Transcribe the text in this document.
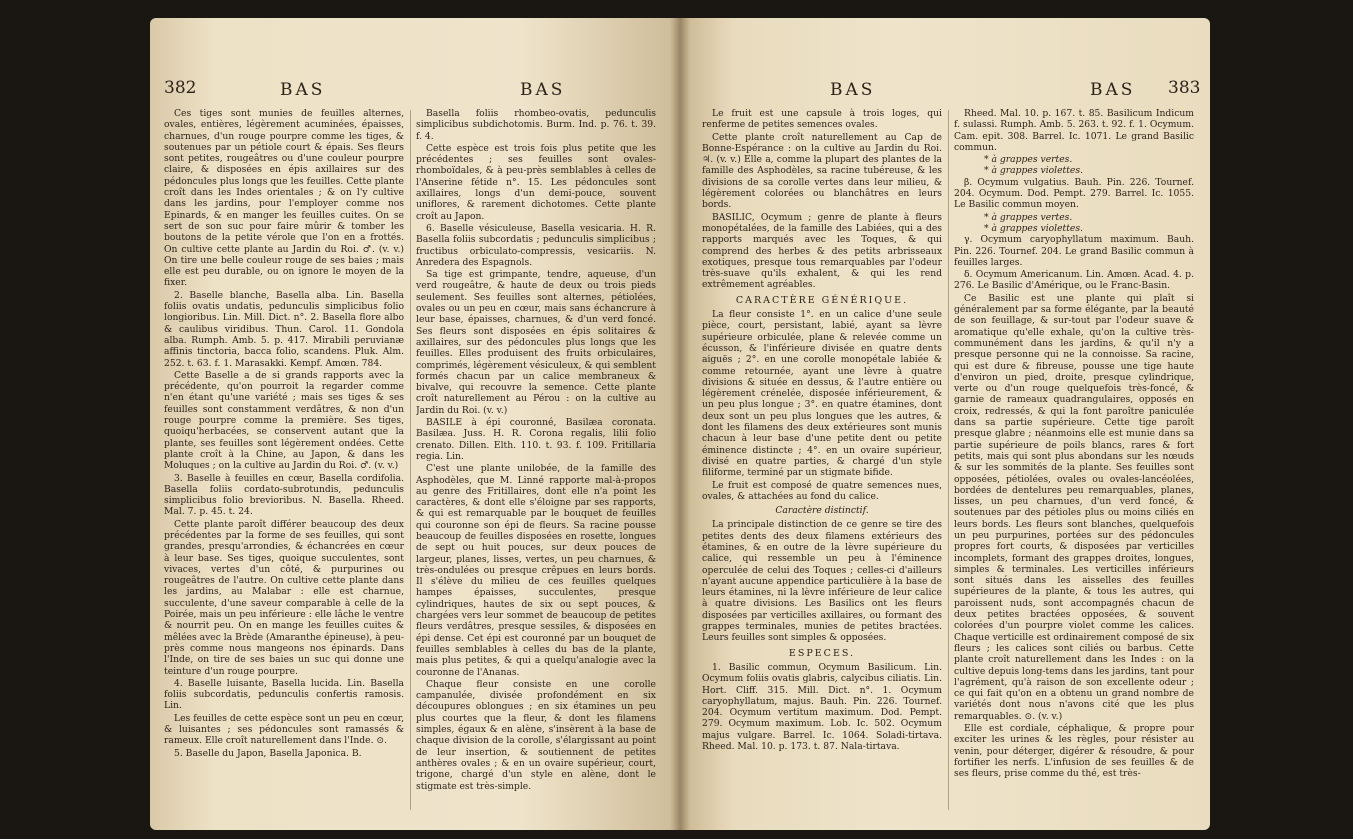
382	BAS	BAS

Ces tiges sont munies de feuilles alternes, ovales, entières, légèrement acuminées, épaisses, charnues, d'un rouge pourpre comme les tiges, & soutenues par un pétiole court & épais. Ses fleurs sont petites, rougeâtres ou d'une couleur pourpre claire, & disposées en épis axillaires sur des pédoncules plus longs que les feuilles. Cette plante croît dans les Indes orientales ; & on l'y cultive dans les jardins, pour l'employer comme nos Epinards, & en manger les feuilles cuites. On se sert de son suc pour faire mûrir & tomber les boutons de la petite vérole que l'on en a frottés. On cultive cette plante au Jardin du Roi. ♂. (v. v.) On tire une belle couleur rouge de ses baies ; mais elle est peu durable, ou on ignore le moyen de la fixer.

2. Baselle blanche, Basella alba. Lin. Basella foliis ovatis undatis, pedunculis simplicibus folio longioribus. Lin. Mill. Dict. n°. 2. Basella flore albo & caulibus viridibus. Thun. Carol. 11. Gondola alba. Rumph. Amb. 5. p. 417. Mirabili peruvianæ affinis tinctoria, bacca folio, scandens. Pluk. Alm. 252. t. 63. f. 1. Marasakki. Kempf. Amœn. 784.

Cette Baselle a de si grands rapports avec la précédente, qu'on pourroit la regarder comme n'en étant qu'une variété ; mais ses tiges & ses feuilles sont constamment verdâtres, & non d'un rouge pourpre comme la première. Ses tiges, quoiqu'herbacées, se conservent autant que la plante, ses feuilles sont légèrement ondées. Cette plante croît à la Chine, au Japon, & dans les Moluques ; on la cultive au Jardin du Roi. ♂. (v. v.)

3. Baselle à feuilles en cœur, Basella cordifolia. Basella foliis cordato-subrotundis, pedunculis simplicibus folio brevioribus. N. Basella. Rheed. Mal. 7. p. 45. t. 24.

Cette plante paroît différer beaucoup des deux précédentes par la forme de ses feuilles, qui sont grandes, presqu'arrondies, & échancrées en cœur à leur base. Ses tiges, quoique succulentes, sont vivaces, vertes d'un côté, & purpurines ou rougeâtres de l'autre. On cultive cette plante dans les jardins, au Malabar : elle est charnue, succulente, d'une saveur comparable à celle de la Poirée, mais un peu inférieure : elle lâche le ventre & nourrit peu. On en mange les feuilles cuites & mêlées avec la Brède (Amaranthe épineuse), à peu-près comme nous mangeons nos épinards. Dans l'Inde, on tire de ses baies un suc qui donne une teinture d'un rouge pourpre.

4. Baselle luisante, Basella lucida. Lin. Basella foliis subcordatis, pedunculis confertis ramosis. Lin.

Les feuilles de cette espèce sont un peu en cœur, & luisantes ; ses pédoncules sont ramassés & rameux. Elle croît naturellement dans l'Inde. ⊙.

5. Baselle du Japon, Basella Japonica. B.

Basella foliis rhombeo-ovatis, pedunculis simplicibus subdichotomis. Burm. Ind. p. 76. t. 39. f. 4.

Cette espèce est trois fois plus petite que les précédentes ; ses feuilles sont ovales-rhomboïdales, & à peu-près semblables à celles de l'Anserine fétide n°. 15. Les pédoncules sont axillaires, longs d'un demi-pouce, souvent uniflores, & rarement dichotomes. Cette plante croît au Japon.

6. Baselle vésiculeuse, Basella vesicaria. H. R. Basella foliis subcordatis ; pedunculis simplicibus ; fructibus orbiculato-compressis, vesicariis. N. Anredera des Espagnols.

Sa tige est grimpante, tendre, aqueuse, d'un verd rougeâtre, & haute de deux ou trois pieds seulement. Ses feuilles sont alternes, pétiolées, ovales ou un peu en cœur, mais sans échancrure à leur base, épaisses, charnues, & d'un verd foncé. Ses fleurs sont disposées en épis solitaires & axillaires, sur des pédoncules plus longs que les feuilles. Elles produisent des fruits orbiculaires, comprimés, légèrement vésiculeux, & qui semblent formés chacun par un calice membraneux & bivalve, qui recouvre la semence. Cette plante croît naturellement au Pérou : on la cultive au Jardin du Roi. (v. v.)

BASILE à épi couronné, Basilæa coronata. Basilæa. Juss. H. R. Corona regalis, lilii folio crenato. Dillen. Elth. 110. t. 93. f. 109. Fritillaria regia. Lin.

C'est une plante unilobée, de la famille des Asphodèles, que M. Linné rapporte mal-à-propos au genre des Fritillaires, dont elle n'a point les caractères, & dont elle s'éloigne par ses rapports, & qui est remarquable par le bouquet de feuilles qui couronne son épi de fleurs. Sa racine pousse beaucoup de feuilles disposées en rosette, longues de sept ou huit pouces, sur deux pouces de largeur, planes, lisses, vertes, un peu charnues, & très-ondulées ou presque crêpues en leurs bords. Il s'élève du milieu de ces feuilles quelques hampes épaisses, succulentes, presque cylindriques, hautes de six ou sept pouces, & chargées vers leur sommet de beaucoup de petites fleurs verdâtres, presque sessiles, & disposées en épi dense. Cet épi est couronné par un bouquet de feuilles semblables à celles du bas de la plante, mais plus petites, & qui a quelqu'analogie avec la couronne de l'Ananas.

Chaque fleur consiste en une corolle campanulée, divisée profondément en six découpures oblongues ; en six étamines un peu plus courtes que la fleur, & dont les filamens simples, égaux & en alène, s'insèrent à la base de chaque division de la corolle, s'élargissant au point de leur insertion, & soutiennent de petites anthères ovales ; & en un ovaire supérieur, court, trigone, chargé d'un style en alène, dont le stigmate est très-simple.

BAS	BAS 383

Le fruit est une capsule à trois loges, qui renferme de petites semences ovales.

Cette plante croît naturellement au Cap de Bonne-Espérance : on la cultive au Jardin du Roi. ♃. (v. v.) Elle a, comme la plupart des plantes de la famille des Asphodèles, sa racine tubéreuse, & les divisions de sa corolle vertes dans leur milieu, & légèrement colorées ou blanchâtres en leurs bords.

BASILIC, Ocymum ; genre de plante à fleurs monopétalées, de la famille des Labiées, qui a des rapports marqués avec les Toques, & qui comprend des herbes & des petits arbrisseaux exotiques, presque tous remarquables par l'odeur très-suave qu'ils exhalent, & qui les rend extrêmement agréables.

CARACTÈRE GÉNÉRIQUE.

La fleur consiste 1°. en un calice d'une seule pièce, court, persistant, labié, ayant sa lèvre supérieure orbiculée, plane & relevée comme un écusson, & l'inférieure divisée en quatre dents aiguës ; 2°. en une corolle monopétale labiée & comme retournée, ayant une lèvre à quatre divisions & située en dessus, & l'autre entière ou légèrement crénelée, disposée inférieurement, & un peu plus longue ; 3°. en quatre étamines, dont deux sont un peu plus longues que les autres, & dont les filamens des deux extérieures sont munis chacun à leur base d'une petite dent ou petite éminence distincte ; 4°. en un ovaire supérieur, divisé en quatre parties, & chargé d'un style filiforme, terminé par un stigmate bifide.

Le fruit est composé de quatre semences nues, ovales, & attachées au fond du calice.

Caractère distinctif.

La principale distinction de ce genre se tire des petites dents des deux filamens extérieurs des étamines, & en outre de la lèvre supérieure du calice, qui ressemble un peu à l'éminence operculée de celui des Toques ; celles-ci d'ailleurs n'ayant aucune appendice particulière à la base de leurs étamines, ni la lèvre inférieure de leur calice à quatre divisions. Les Basilics ont les fleurs disposées par verticilles axillaires, ou formant des grappes terminales, munies de petites bractées. Leurs feuilles sont simples & opposées.

ESPECES.

1. Basilic commun, Ocymum Basilicum. Lin. Ocymum foliis ovatis glabris, calycibus ciliatis. Lin. Hort. Cliff. 315. Mill. Dict. n°. 1. Ocymum caryophyllatum, majus. Bauh. Pin. 226. Tournef. 204. Ocymum vertitum maximum. Dod. Pempt. 279. Ocymum maximum. Lob. Ic. 502. Ocymum majus vulgare. Barrel. Ic. 1064. Soladi-tirtava. Rheed. Mal. 10. p. 173. t. 87. Nala-tirtava.

Rheed. Mal. 10. p. 167. t. 85. Basilicum Indicum f. sulassi. Rumph. Amb. 5. 263. t. 92. f. 1. Ocymum. Cam. epit. 308. Barrel. Ic. 1071. Le grand Basilic commun.

* à grappes vertes.

* à grappes violettes.

β. Ocymum vulgatius. Bauh. Pin. 226. Tournef. 204. Ocymum. Dod. Pempt. 279. Barrel. Ic. 1055. Le Basilic commun moyen.

* à grappes vertes.

* à grappes violettes.

γ. Ocymum caryophyllatum maximum. Bauh. Pin. 226. Tournef. 204. Le grand Basilic commun à feuilles larges.

δ. Ocymum Americanum. Lin. Amœn. Acad. 4. p. 276. Le Basilic d'Amérique, ou le Franc-Basin.

Ce Basilic est une plante qui plaît si généralement par sa forme élégante, par la beauté de son feuillage, & sur-tout par l'odeur suave & aromatique qu'elle exhale, qu'on la cultive très-communément dans les jardins, & qu'il n'y a presque personne qui ne la connoisse. Sa racine, qui est dure & fibreuse, pousse une tige haute d'environ un pied, droite, presque cylindrique, verte ou d'un rouge quelquefois très-foncé, & garnie de rameaux quadrangulaires, opposés en croix, redressés, & qui la font paroître paniculée dans sa partie supérieure. Cette tige paroît presque glabre ; néanmoins elle est munie dans sa partie supérieure de poils blancs, rares & fort petits, mais qui sont plus abondans sur les nœuds & sur les sommités de la plante. Ses feuilles sont opposées, pétiolées, ovales ou ovales-lancéolées, bordées de dentelures peu remarquables, planes, lisses, un peu charnues, d'un verd foncé, & soutenues par des pétioles plus ou moins ciliés en leurs bords. Les fleurs sont blanches, quelquefois un peu purpurines, portées sur des pédoncules propres fort courts, & disposées par verticilles incomplets, formant des grappes droites, longues, simples & terminales. Les verticilles inférieurs sont situés dans les aisselles des feuilles supérieures de la plante, & tous les autres, qui paroissent nuds, sont accompagnés chacun de deux petites bractées opposées, & souvent colorées d'un pourpre violet comme les calices. Chaque verticille est ordinairement composé de six fleurs ; les calices sont ciliés ou barbus. Cette plante croît naturellement dans les Indes : on la cultive depuis long-tems dans les jardins, tant pour l'agrément, qu'à raison de son excellente odeur ; ce qui fait qu'on en a obtenu un grand nombre de variétés dont nous n'avons cité que les plus remarquables. ⊙. (v. v.)

Elle est cordiale, céphalique, & propre pour exciter les urines & les règles, pour résister au venin, pour déterger, digérer & résoudre, & pour fortifier les nerfs. L'infusion de ses feuilles & de ses fleurs, prise comme du thé, est très-
